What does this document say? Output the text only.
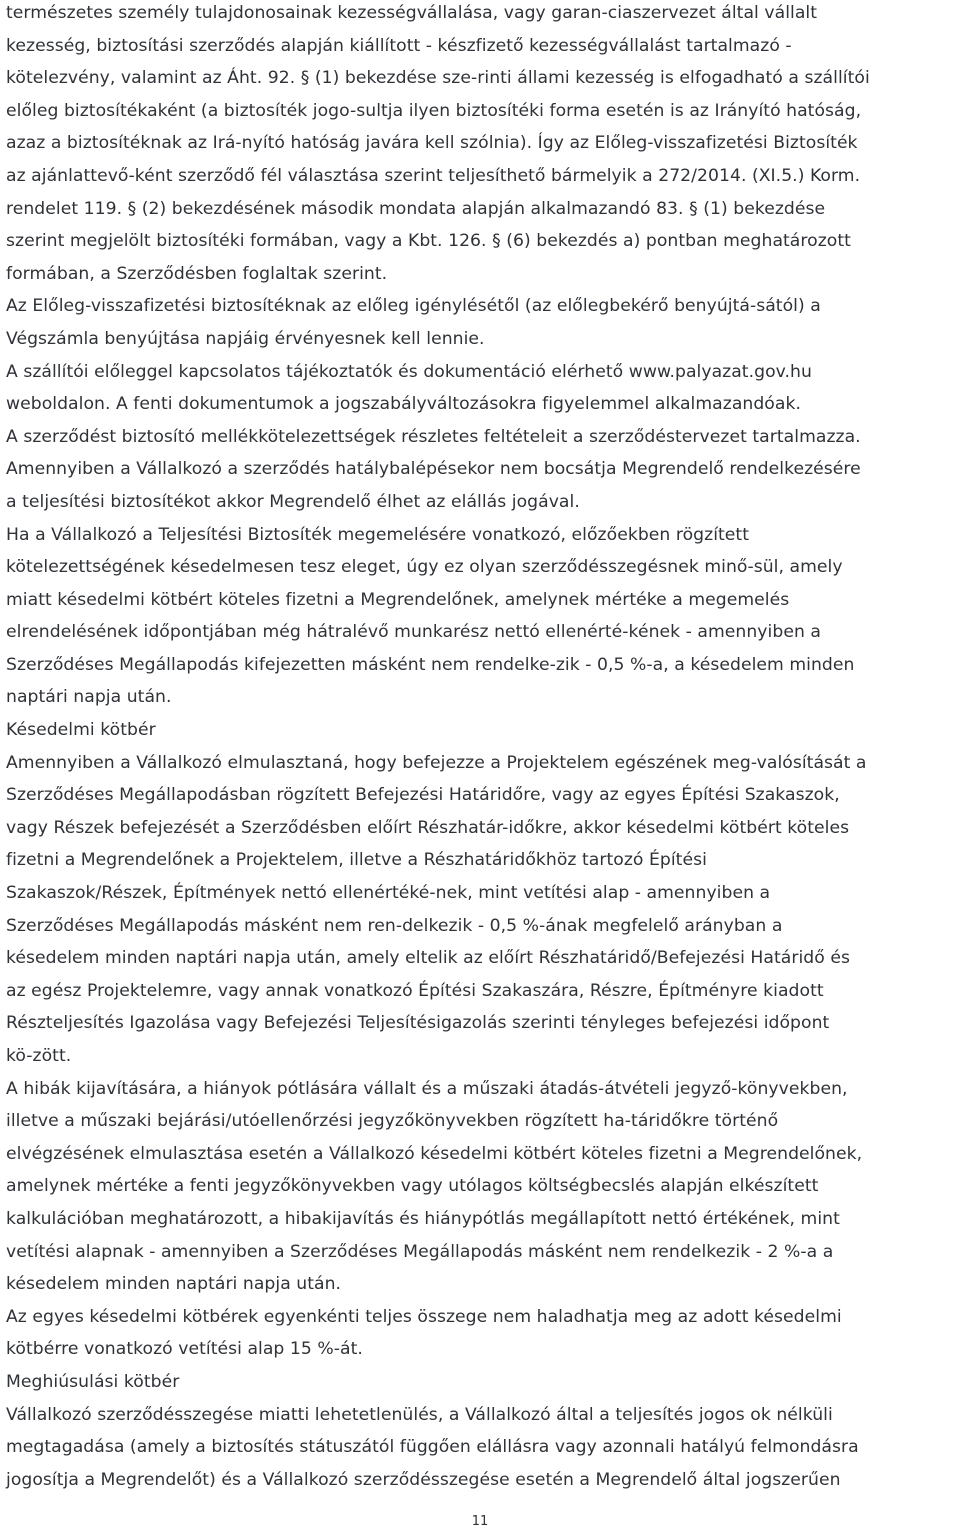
természetes személy tulajdonosainak kezességvállalása, vagy garan-ciaszervezet által vállalt

kezesség, biztosítási szerződés alapján kiállított - készfizető kezességvállalást tartalmazó -

kötelezvény, valamint az Áht. 92. § (1) bekezdése sze-rinti állami kezesség is elfogadható a szállítói

előleg biztosítékaként (a biztosíték jogo-sultja ilyen biztosítéki forma esetén is az Irányító hatóság,

azaz a biztosítéknak az Irá-nyító hatóság javára kell szólnia). Így az Előleg-visszafizetési Biztosíték

az ajánlattevő-ként szerződő fél választása szerint teljesíthető bármelyik a 272/2014. (XI.5.) Korm.

rendelet 119. § (2) bekezdésének második mondata alapján alkalmazandó 83. § (1) bekezdése

szerint megjelölt biztosítéki formában, vagy a Kbt. 126. § (6) bekezdés a) pontban meghatározott

formában, a Szerződésben foglaltak szerint.

Az Előleg-visszafizetési biztosítéknak az előleg igénylésétől (az előlegbekérő benyújtá-sától) a

Végszámla benyújtása napjáig érvényesnek kell lennie.

A szállítói előleggel kapcsolatos tájékoztatók és dokumentáció elérhető www.palyazat.gov.hu

weboldalon. A fenti dokumentumok a jogszabályváltozásokra figyelemmel alkalmazandóak.

A szerződést biztosító mellékkötelezettségek részletes feltételeit a szerződéstervezet tartalmazza.

Amennyiben a Vállalkozó a szerződés hatálybalépésekor nem bocsátja Megrendelő rendelkezésére

a teljesítési biztosítékot akkor Megrendelő élhet az elállás jogával.

Ha a Vállalkozó a Teljesítési Biztosíték megemelésére vonatkozó, előzőekben rögzített

kötelezettségének késedelmesen tesz eleget, úgy ez olyan szerződésszegésnek minő-sül, amely

miatt késedelmi kötbért köteles fizetni a Megrendelőnek, amelynek mértéke a megemelés

elrendelésének időpontjában még hátralévő munkarész nettó ellenérté-kének - amennyiben a

Szerződéses Megállapodás kifejezetten másként nem rendelke-zik - 0,5 %-a, a késedelem minden

naptári napja után.

Késedelmi kötbér

Amennyiben a Vállalkozó elmulasztaná, hogy befejezze a Projektelem egészének meg-valósítását a

Szerződéses Megállapodásban rögzített Befejezési Határidőre, vagy az egyes Építési Szakaszok,

vagy Részek befejezését a Szerződésben előírt Részhatár-időkre, akkor késedelmi kötbért köteles

fizetni a Megrendelőnek a Projektelem, illetve a Részhatáridőkhöz tartozó Építési

Szakaszok/Részek, Építmények nettó ellenértéké-nek, mint vetítési alap - amennyiben a

Szerződéses Megállapodás másként nem ren-delkezik - 0,5 %-ának megfelelő arányban a

késedelem minden naptári napja után, amely eltelik az előírt Részhatáridő/Befejezési Határidő és

az egész Projektelemre, vagy annak vonatkozó Építési Szakaszára, Részre, Építményre kiadott

Részteljesítés Igazolása vagy Befejezési Teljesítésigazolás szerinti tényleges befejezési időpont

kö-zött.

A hibák kijavítására, a hiányok pótlására vállalt és a műszaki átadás-átvételi jegyző-könyvekben,

illetve a műszaki bejárási/utóellenőrzési jegyzőkönyvekben rögzített ha-táridőkre történő

elvégzésének elmulasztása esetén a Vállalkozó késedelmi kötbért köteles fizetni a Megrendelőnek,

amelynek mértéke a fenti jegyzőkönyvekben vagy utólagos költségbecslés alapján elkészített

kalkulációban meghatározott, a hibakijavítás és hiánypótlás megállapított nettó értékének, mint

vetítési alapnak - amennyiben a Szerződéses Megállapodás másként nem rendelkezik - 2 %-a a

késedelem minden naptári napja után.

Az egyes késedelmi kötbérek egyenkénti teljes összege nem haladhatja meg az adott késedelmi

kötbérre vonatkozó vetítési alap 15 %-át.

Meghiúsulási kötbér

Vállalkozó szerződésszegése miatti lehetetlenülés, a Vállalkozó által a teljesítés jogos ok nélküli

megtagadása (amely a biztosítés státuszától függően elállásra vagy azonnali hatályú felmondásra

jogosítja a Megrendelőt) és a Vállalkozó szerződésszegése esetén a Megrendelő által jogszerűen

11
